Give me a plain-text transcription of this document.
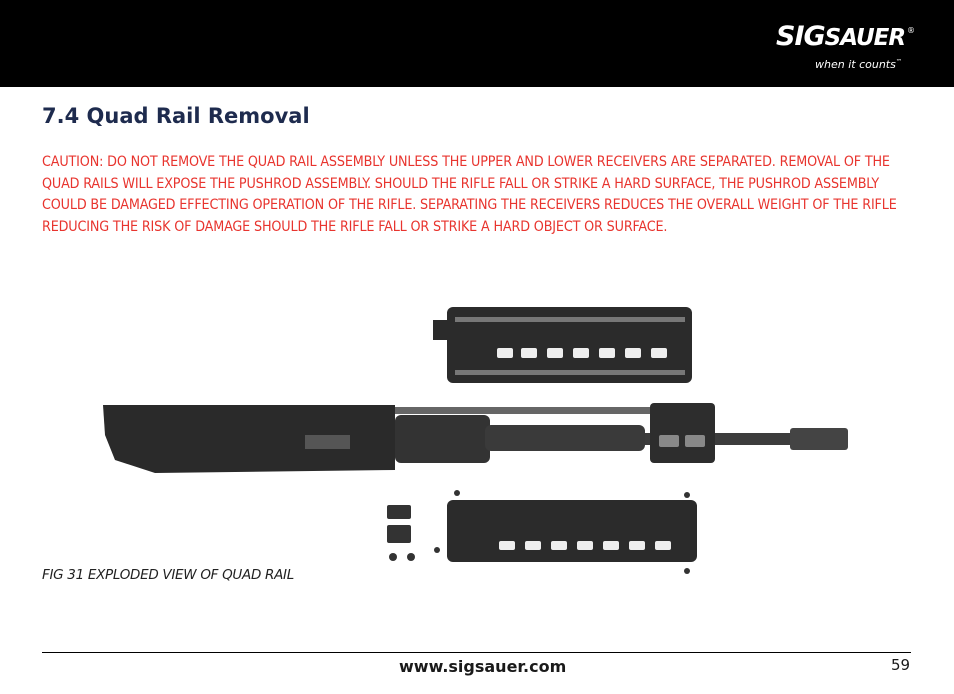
SIGSAUER ®
when it counts™
7.4 Quad Rail Removal
CAUTION: DO NOT REMOVE THE QUAD RAIL ASSEMBLY UNLESS THE UPPER AND LOWER RECEIVERS ARE SEPARATED. REMOVAL OF THE QUAD RAILS WILL EXPOSE THE PUSHROD ASSEMBLY. SHOULD THE RIFLE FALL OR STRIKE A HARD SURFACE, THE PUSHROD ASSEMBLY COULD BE DAMAGED EFFECTING OPERATION OF THE RIFLE. SEPARATING THE RECEIVERS REDUCES THE OVERALL WEIGHT OF THE RIFLE REDUCING THE RISK OF DAMAGE SHOULD THE RIFLE FALL OR STRIKE A HARD OBJECT OR SURFACE.
FIG 31 EXPLODED VIEW OF QUAD RAIL
www.sigsauer.com	59
